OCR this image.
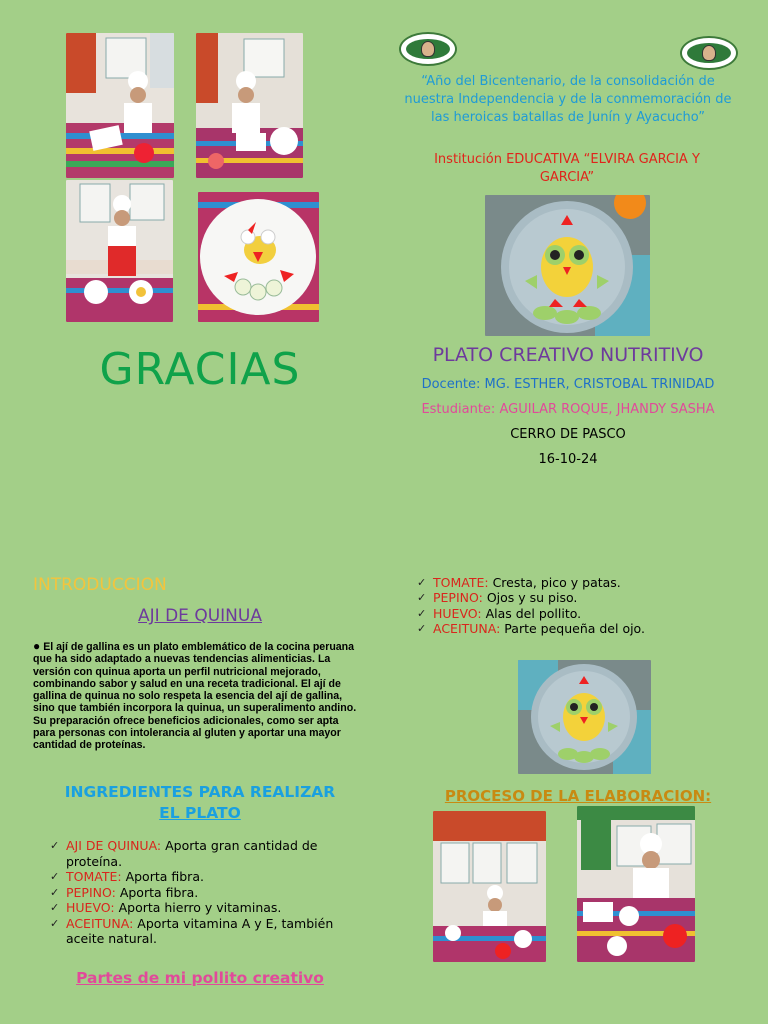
GRACIAS
“Año del Bicentenario, de la consolidación de nuestra Independencia y de la conmemoración de las heroicas batallas de Junín y Ayacucho”
Institución EDUCATIVA “ELVIRA GARCIA Y GARCIA”
PLATO CREATIVO NUTRITIVO
Docente: MG. ESTHER, CRISTOBAL TRINIDAD
Estudiante: AGUILAR ROQUE, JHANDY SASHA
CERRO DE PASCO
16-10-24
INTRODUCCION
AJI DE QUINUA
● El ají de gallina es un plato emblemático de la cocina peruana que ha sido adaptado a nuevas tendencias alimenticias. La versión con quinua aporta un perfil nutricional mejorado, combinando sabor y salud en una receta tradicional. El ají de gallina de quinua no solo respeta la esencia del ají de gallina, sino que también incorpora la quinua, un superalimento andino. Su preparación ofrece beneficios adicionales, como ser apta para personas con intolerancia al gluten y aportar una mayor cantidad de proteínas.
INGREDIENTES PARA REALIZAR
EL PLATO
✓ AJI DE QUINUA: Aporta gran cantidad de proteína.
✓ TOMATE: Aporta fibra.
✓ PEPINO: Aporta fibra.
✓ HUEVO: Aporta hierro y vitaminas.
✓ ACEITUNA: Aporta vitamina A y E, también aceite natural.
Partes de mi pollito creativo
✓ TOMATE: Cresta, pico y patas.
✓ PEPINO: Ojos y su piso.
✓ HUEVO: Alas del pollito.
✓ ACEITUNA: Parte pequeña del ojo.
PROCESO DE LA ELABORACION:
